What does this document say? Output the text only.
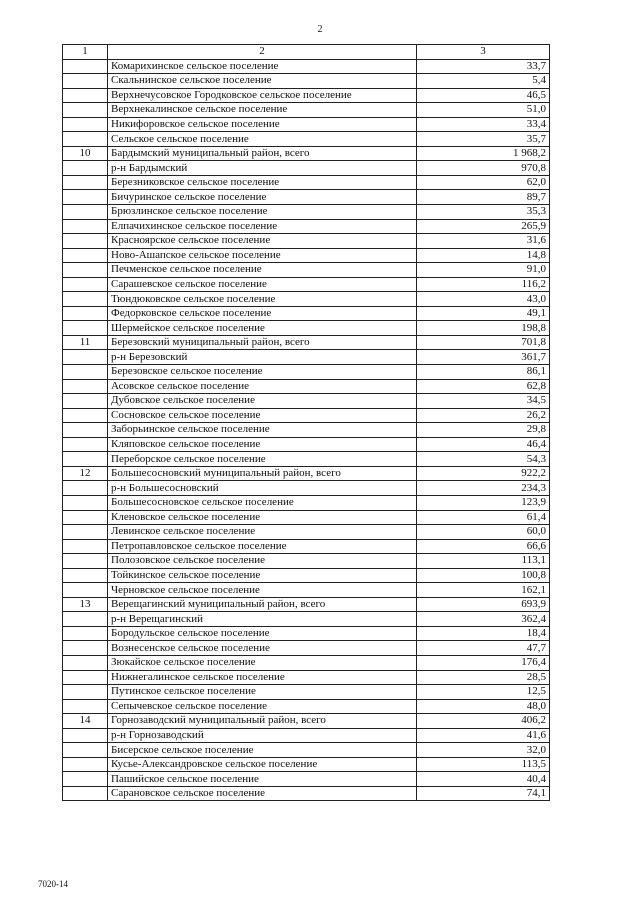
2
1	2	3
	Комарихинское сельское поселение	33,7
	Скальнинское сельское поселение	5,4
	Верхнечусовское Городковское сельское поселение	46,5
	Верхнекалинское сельское поселение	51,0
	Никифоровское сельское поселение	33,4
	Сельское сельское поселение	35,7
10	Бардымский муниципальный район, всего	1 968,2
	р-н Бардымский	970,8
	Березниковское сельское поселение	62,0
	Бичуринское сельское поселение	89,7
	Брюзлинское сельское поселение	35,3
	Елпачихинское сельское поселение	265,9
	Красноярское сельское поселение	31,6
	Ново-Ашапское сельское поселение	14,8
	Печменское сельское поселение	91,0
	Сарашевское сельское поселение	116,2
	Тюндюковское сельское поселение	43,0
	Федорковское сельское поселение	49,1
	Шермейское сельское поселение	198,8
11	Березовский муниципальный район, всего	701,8
	р-н Березовский	361,7
	Березовское сельское поселение	86,1
	Асовское сельское поселение	62,8
	Дубовское сельское поселение	34,5
	Сосновское сельское поселение	26,2
	Заборьинское сельское поселение	29,8
	Кляповское сельское поселение	46,4
	Переборское сельское поселение	54,3
12	Большесосновский муниципальный район, всего	922,2
	р-н Большесосновский	234,3
	Большесосновское сельское поселение	123,9
	Кленовское сельское поселение	61,4
	Левинское сельское поселение	60,0
	Петропавловское сельское поселение	66,6
	Полозовское сельское поселение	113,1
	Тойкинское сельское поселение	100,8
	Черновское сельское поселение	162,1
13	Верещагинский муниципальный район, всего	693,9
	р-н Верещагинский	362,4
	Бородульское сельское поселение	18,4
	Вознесенское сельское поселение	47,7
	Зюкайское сельское поселение	176,4
	Нижнегалинское сельское поселение	28,5
	Путинское сельское поселение	12,5
	Сепычевское сельское поселение	48,0
14	Горнозаводский муниципальный район, всего	406,2
	р-н Горнозаводский	41,6
	Бисерское сельское поселение	32,0
	Кусье-Александровское сельское поселение	113,5
	Пашийское сельское поселение	40,4
	Сарановское сельское поселение	74,1
7020-14
